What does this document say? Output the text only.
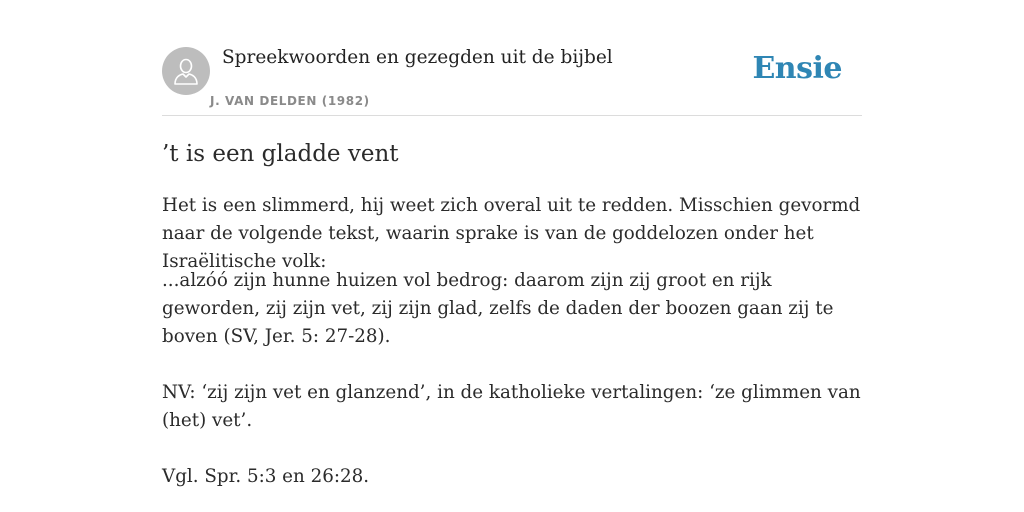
Spreekwoorden en gezegden uit de bijbel
J. VAN DELDEN (1982)
Ensie
’t is een gladde vent

Het is een slimmerd, hij weet zich overal uit te redden. Misschien gevormd naar de volgende tekst, waarin sprake is van de goddelozen onder het Israëlitische volk:

...alzóó zijn hunne huizen vol bedrog: daarom zijn zij groot en rijk geworden, zij zijn vet, zij zijn glad, zelfs de daden der boozen gaan zij te boven (SV, Jer. 5: 27-28).

NV: ‘zij zijn vet en glanzend’, in de katholieke vertalingen: ‘ze glimmen van (het) vet’.

Vgl. Spr. 5:3 en 26:28.
